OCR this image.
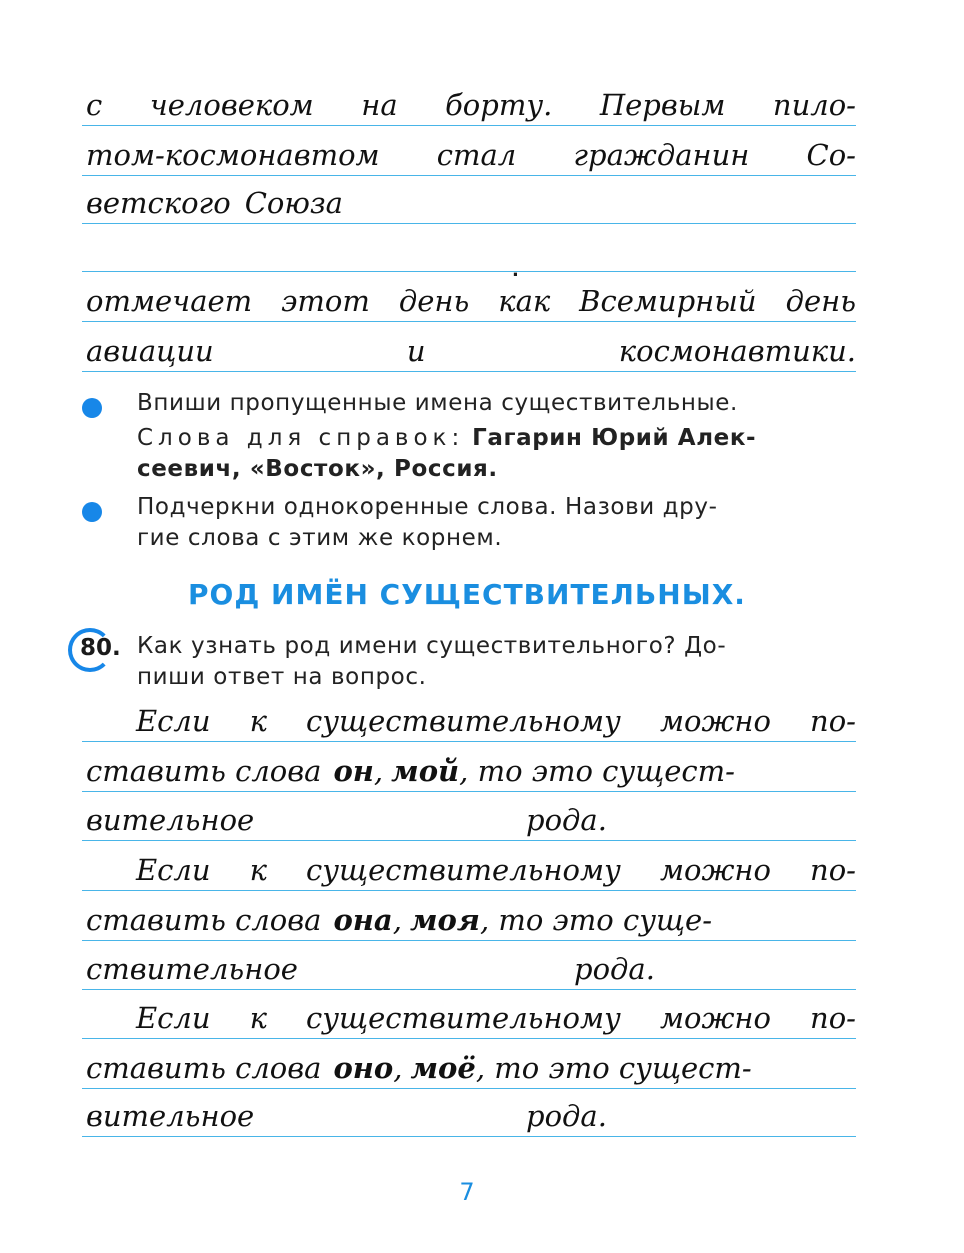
с человеком на борту. Первым пило-
том-космонавтом стал гражданин Со-
ветского Союза
отмечает этот день как Всемирный день
авиации	и	космонавтики.
.
Впиши пропущенные имена существительные.
Слова для справок: Гагарин Юрий Алек-
сеевич, «Восток», Россия.
Подчеркни однокоренные слова. Назови дру-
гие слова с этим же корнем.
РОД ИМЁН СУЩЕСТВИТЕЛЬНЫХ.
80. Как узнать род имени существительного? До-
пиши ответ на вопрос.
Если к существительному можно по-
ставить слова он , мой , то это сущест-
вительное	рода.
Если к существительному можно по-
ставить слова она , моя , то это суще-
ствительное	рода.
Если к существительному можно по-
ставить слова оно , моё , то это сущест-
вительное	рода.
7
